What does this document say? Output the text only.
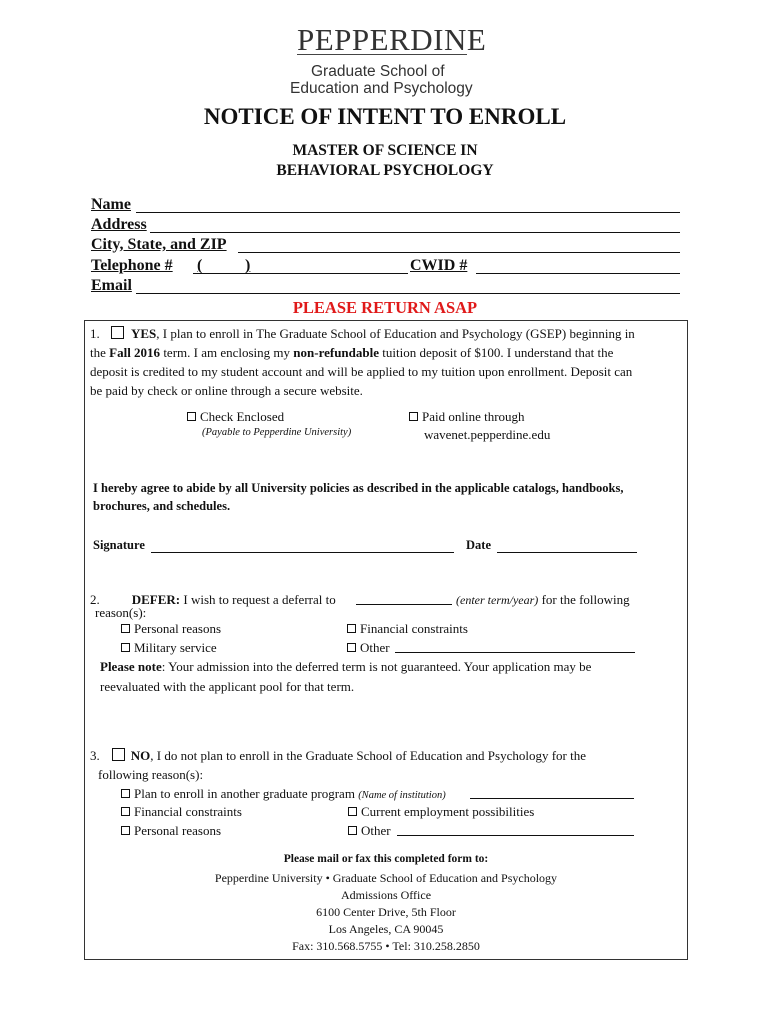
PEPPERDINE
Graduate School of
Education and Psychology
NOTICE OF INTENT TO ENROLL
MASTER OF SCIENCE IN
BEHAVIORAL PSYCHOLOGY
Name
Address
City, State, and ZIP
Telephone # (	)	CWID #
Email
PLEASE RETURN ASAP
1. YES, I plan to enroll in The Graduate School of Education and Psychology (GSEP) beginning in
the Fall 2016 term. I am enclosing my non-refundable tuition deposit of $100. I understand that the
deposit is credited to my student account and will be applied to my tuition upon enrollment. Deposit can
be paid by check or online through a secure website.
Check Enclosed
(Payable to Pepperdine University)
Paid online through
wavenet.pepperdine.edu
I hereby agree to abide by all University policies as described in the applicable catalogs, handbooks,
brochures, and schedules.
Signature	Date
2. DEFER: I wish to request a deferral to	(enter term/year) for the following
reason(s):
Personal reasons	Financial constraints
Military service	Other
Please note: Your admission into the deferred term is not guaranteed. Your application may be
reevaluated with the applicant pool for that term.
3. NO, I do not plan to enroll in the Graduate School of Education and Psychology for the
following reason(s):
Plan to enroll in another graduate program (Name of institution)
Financial constraints	Current employment possibilities
Personal reasons	Other
Please mail or fax this completed form to:
Pepperdine University • Graduate School of Education and Psychology
Admissions Office
6100 Center Drive, 5th Floor
Los Angeles, CA 90045
Fax: 310.568.5755 • Tel: 310.258.2850
